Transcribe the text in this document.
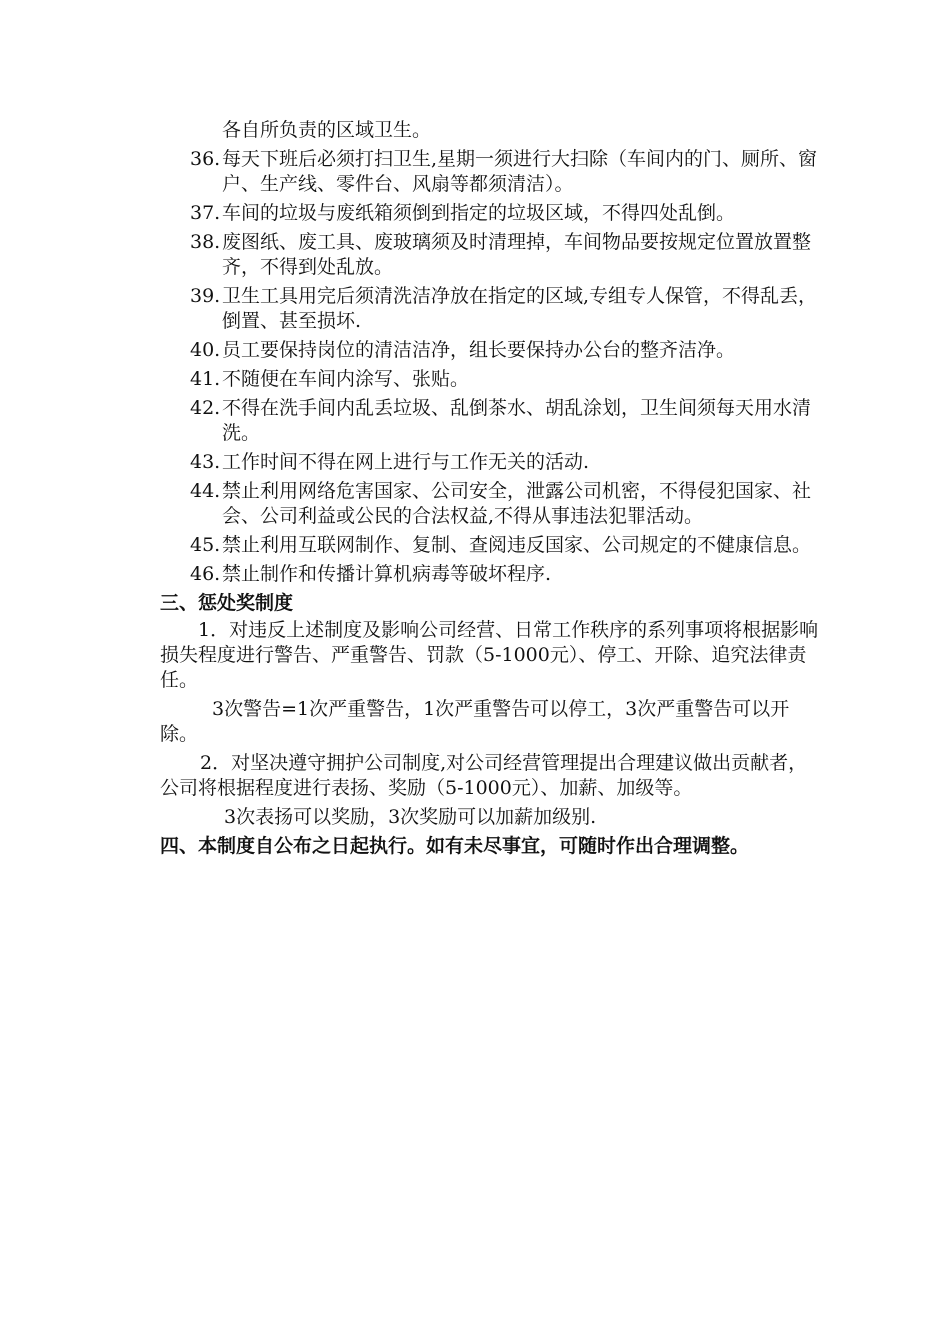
各自所负责的区域卫生。
36. 每天下班后必须打扫卫生,星期一须进行大扫除（车间内的门、厕所、窗户、生产线、零件台、风扇等都须清洁）。
37. 车间的垃圾与废纸箱须倒到指定的垃圾区域，不得四处乱倒。
38. 废图纸、废工具、废玻璃须及时清理掉，车间物品要按规定位置放置整齐，不得到处乱放。
39. 卫生工具用完后须清洗洁净放在指定的区域,专组专人保管，不得乱丢，倒置、甚至损坏.
40. 员工要保持岗位的清洁洁净，组长要保持办公台的整齐洁净。
41. 不随便在车间内涂写、张贴。
42. 不得在洗手间内乱丢垃圾、乱倒茶水、胡乱涂划，卫生间须每天用水清洗。
43. 工作时间不得在网上进行与工作无关的活动.
44. 禁止利用网络危害国家、公司安全，泄露公司机密，不得侵犯国家、社会、公司利益或公民的合法权益,不得从事违法犯罪活动。
45. 禁止利用互联网制作、复制、查阅违反国家、公司规定的不健康信息。
46. 禁止制作和传播计算机病毒等破坏程序.
三、惩处奖制度
1．对违反上述制度及影响公司经营、日常工作秩序的系列事项将根据影响损失程度进行警告、严重警告、罚款（5-1000元）、停工、开除、追究法律责任。
3次警告=1次严重警告，1次严重警告可以停工，3次严重警告可以开除。
2．对坚决遵守拥护公司制度,对公司经营管理提出合理建议做出贡献者，公司将根据程度进行表扬、奖励（5-1000元）、加薪、加级等。
3次表扬可以奖励，3次奖励可以加薪加级别.
四、本制度自公布之日起执行。如有未尽事宜，可随时作出合理调整。
